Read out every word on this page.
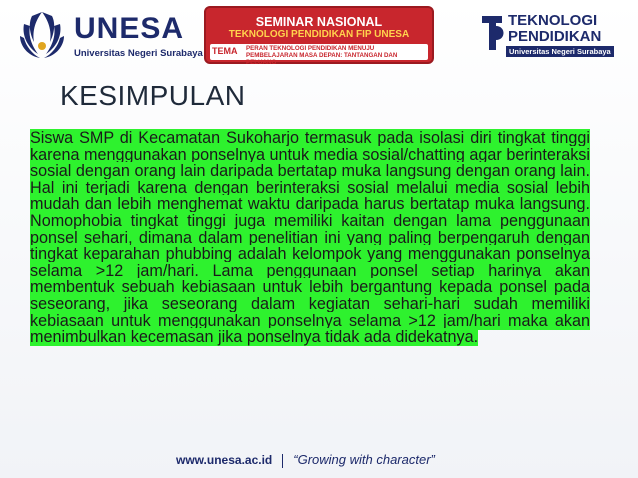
UNESA
Universitas Negeri Surabaya
SEMINAR NASIONAL
TEKNOLOGI PENDIDIKAN FIP UNESA
TEMA PERAN TEKNOLOGI PENDIDIKAN MENUJU PEMBELAJARAN MASA DEPAN: TANTANGAN DAN PELUANG
TEKNOLOGI
PENDIDIKAN
Universitas Negeri Surabaya
KESIMPULAN

Siswa SMP di Kecamatan Sukoharjo termasuk pada isolasi diri tingkat tinggi karena menggunakan ponselnya untuk media sosial/chatting agar berinteraksi sosial dengan orang lain daripada bertatap muka langsung dengan orang lain. Hal ini terjadi karena dengan berinteraksi sosial melalui media sosial lebih mudah dan lebih menghemat waktu daripada harus bertatap muka langsung. Nomophobia tingkat tinggi juga memiliki kaitan dengan lama penggunaan ponsel sehari, dimana dalam penelitian ini yang paling berpengaruh dengan tingkat keparahan phubbing adalah kelompok yang menggunakan ponselnya selama >12 jam/hari. Lama penggunaan ponsel setiap harinya akan membentuk sebuah kebiasaan untuk lebih bergantung kepada ponsel pada seseorang, jika seseorang dalam kegiatan sehari-hari sudah memiliki kebiasaan untuk menggunakan ponselnya selama >12 jam/hari maka akan menimbulkan kecemasan jika ponselnya tidak ada didekatnya.

www.unesa.ac.id “Growing with character”
